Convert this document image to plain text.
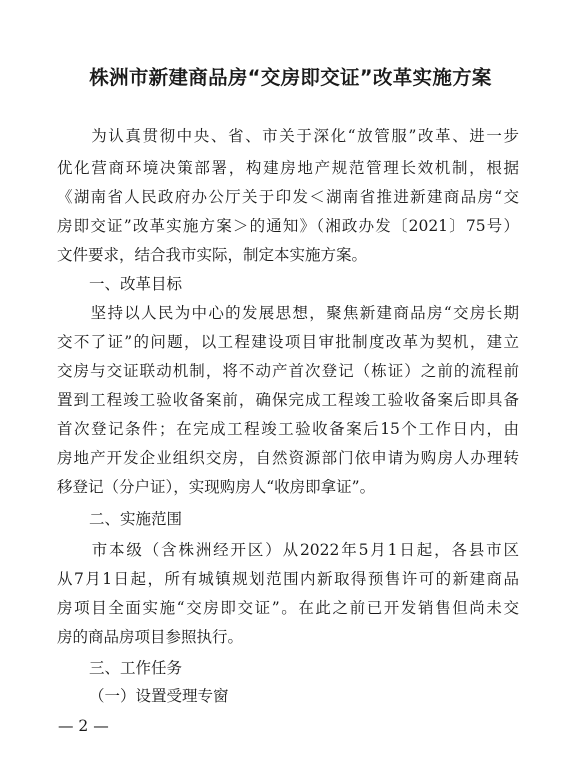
株洲市新建商品房“交房即交证”改革实施方案
　　为认真贯彻中央、省、市关于深化“放管服”改革、进一步
优化营商环境决策部署，构建房地产规范管理长效机制，根据
《湖南省人民政府办公厅关于印发＜湖南省推进新建商品房“交
房即交证”改革实施方案＞的通知》（湘政办发〔2021〕75号）
文件要求，结合我市实际，制定本实施方案。
一、改革目标
　　坚持以人民为中心的发展思想，聚焦新建商品房“交房长期
交不了证”的问题，以工程建设项目审批制度改革为契机，建立
交房与交证联动机制，将不动产首次登记（栋证）之前的流程前
置到工程竣工验收备案前，确保完成工程竣工验收备案后即具备
首次登记条件；在完成工程竣工验收备案后15个工作日内，由
房地产开发企业组织交房，自然资源部门依申请为购房人办理转
移登记（分户证），实现购房人“收房即拿证”。
二、实施范围
　　市本级（含株洲经开区）从2022年5月1日起，各县市区
从7月1日起，所有城镇规划范围内新取得预售许可的新建商品
房项目全面实施“交房即交证”。在此之前已开发销售但尚未交
房的商品房项目参照执行。
三、工作任务
（一）设置受理专窗
— 2 —
